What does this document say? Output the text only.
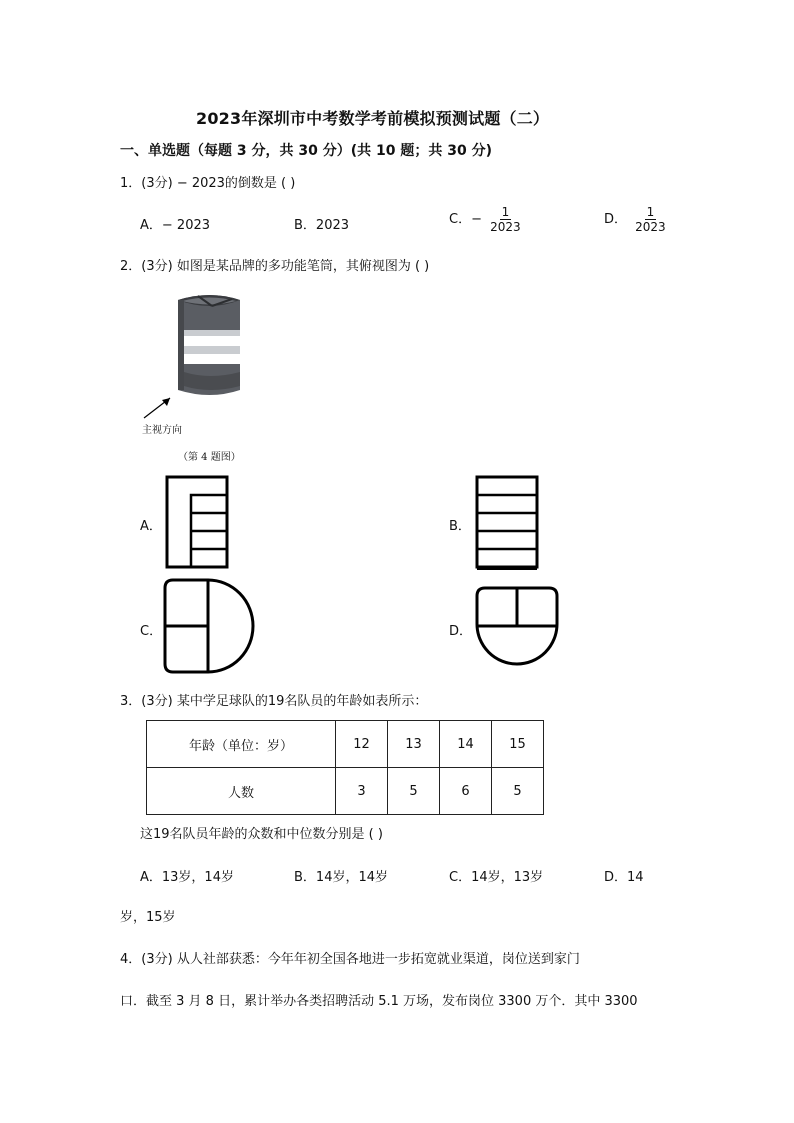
2023年深圳市中考数学考前模拟预测试题（二）
一、单选题（每题 3 分，共 30 分）(共 10 题；共 30 分)
1．(3分) − 2023的倒数是 ( )
A．− 2023	B．2023	C．− $\frac{1}{2023}$	D． $\frac{1}{2023}$
2．(3分) 如图是某品牌的多功能笔筒，其俯视图为 ( )
主视方向
（第 4 题图）
A．	B．
C．	D．
3．(3分) 某中学足球队的19名队员的年龄如表所示：
年龄（单位：岁）	12	13	14	15
人数	3	5	6	5
这19名队员年龄的众数和中位数分别是 ( )
A．13岁，14岁	B．14岁，14岁	C．14岁，13岁	D．14
岁，15岁
4．(3分) 从人社部获悉：今年年初全国各地进一步拓宽就业渠道，岗位送到家门
口．截至 3 月 8 日，累计举办各类招聘活动 5.1 万场，发布岗位 3300 万个．其中 3300
